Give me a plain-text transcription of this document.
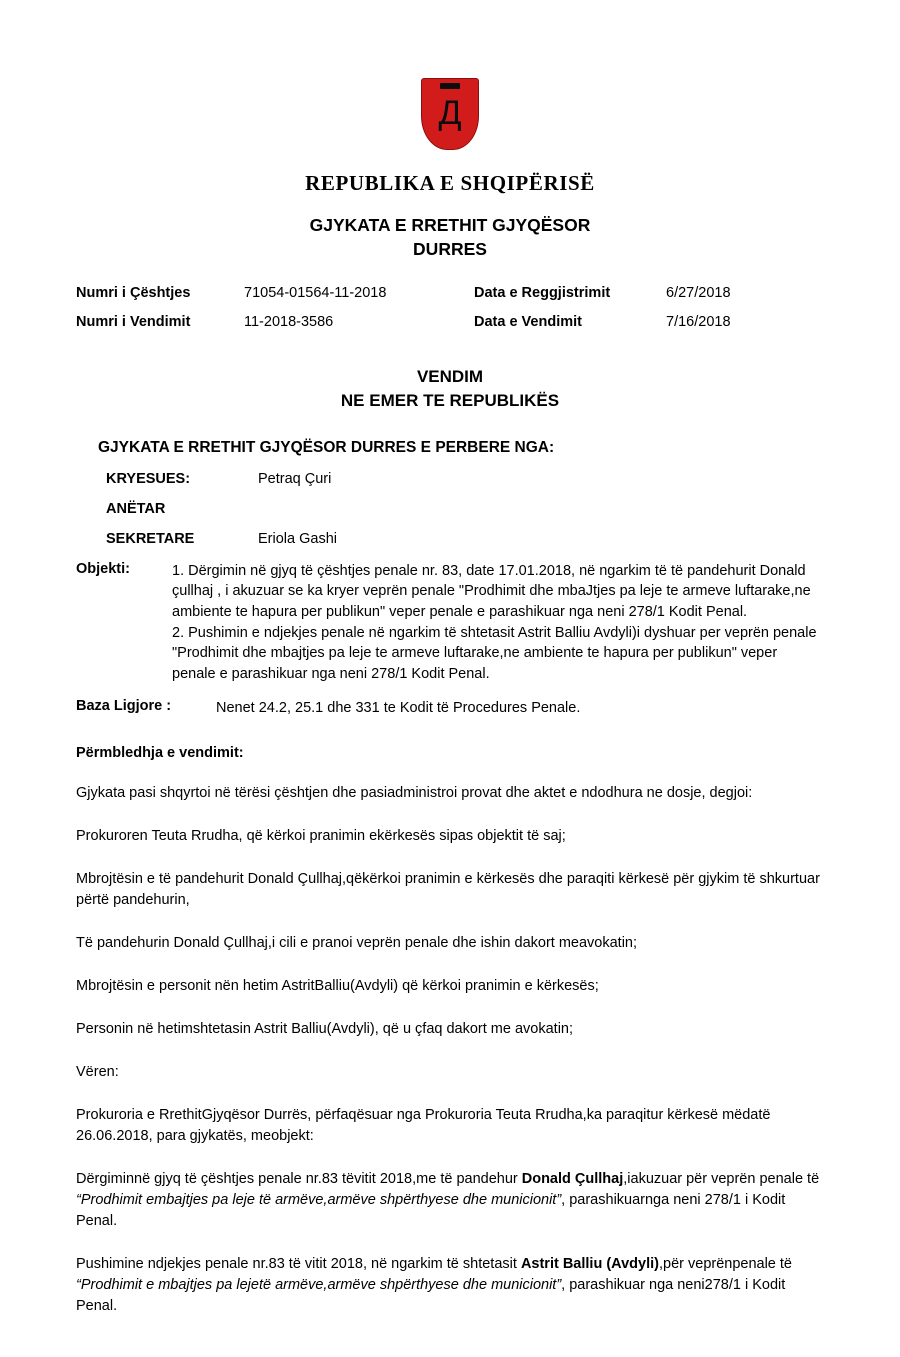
Д
REPUBLIKA E SHQIPËRISË
GJYKATA E RRETHIT GJYQËSOR
DURRES
Numri i Çështjes	71054-01564-11-2018	Data e Reggjistrimit	6/27/2018
Numri i Vendimit	11-2018-3586	Data e Vendimit	7/16/2018
VENDIM
NE EMER TE REPUBLIKËS
GJYKATA E RRETHIT GJYQËSOR DURRES E PERBERE NGA:
KRYESUES:	Petraq Çuri
ANËTAR
SEKRETARE	Eriola Gashi
Objekti:	1. Dërgimin në gjyq të çështjes penale nr. 83, date 17.01.2018, në ngarkim të të pandehurit Donald çullhaj , i akuzuar se ka kryer veprën penale "Prodhimit dhe mbaJtjes pa leje te armeve luftarake,ne ambiente te hapura per publikun" veper penale e parashikuar nga neni 278/1 Kodit Penal.

2. Pushimin e ndjekjes penale në ngarkim të shtetasit Astrit Balliu Avdyli)i dyshuar per veprën penale "Prodhimit dhe mbajtjes pa leje te armeve luftarake,ne ambiente te hapura per publikun" veper penale e parashikuar nga neni 278/1 Kodit Penal.

Baza Ligjore :	Nenet 24.2, 25.1 dhe 331 te Kodit të Procedures Penale.
Përmbledhja e vendimit:

Gjykata pasi shqyrtoi në tërësi çështjen dhe pasiadministroi provat dhe aktet e ndodhura ne dosje, degjoi:

Prokuroren Teuta Rrudha, që kërkoi pranimin ekërkesës sipas objektit të saj;

Mbrojtësin e të pandehurit Donald Çullhaj,qëkërkoi pranimin e kërkesës dhe paraqiti kërkesë për gjykim të shkurtuar përtë pandehurin,

Të pandehurin Donald Çullhaj,i cili e pranoi veprën penale dhe ishin dakort meavokatin;

Mbrojtësin e personit nën hetim AstritBalliu(Avdyli) që kërkoi pranimin e kërkesës;

Personin në hetimshtetasin Astrit Balliu(Avdyli), që u çfaq dakort me avokatin;

Vëren:

Prokuroria e RrethitGjyqësor Durrës, përfaqësuar nga Prokuroria Teuta Rrudha,ka paraqitur kërkesë mëdatë 26.06.2018, para gjykatës, meobjekt:

Dërgiminnë gjyq të çështjes penale nr.83 tëvitit 2018,me të pandehur Donald Çullhaj,iakuzuar për veprën penale të “Prodhimit embajtjes pa leje të armëve,armëve shpërthyese dhe municionit”, parashikuarnga neni 278/1 i Kodit Penal.

Pushimine ndjekjes penale nr.83 të vitit 2018, në ngarkim të shtetasit Astrit Balliu (Avdyli),për veprënpenale të “Prodhimit e mbajtjes pa lejetë armëve,armëve shpërthyese dhe municionit”, parashikuar nga neni278/1 i Kodit Penal.
